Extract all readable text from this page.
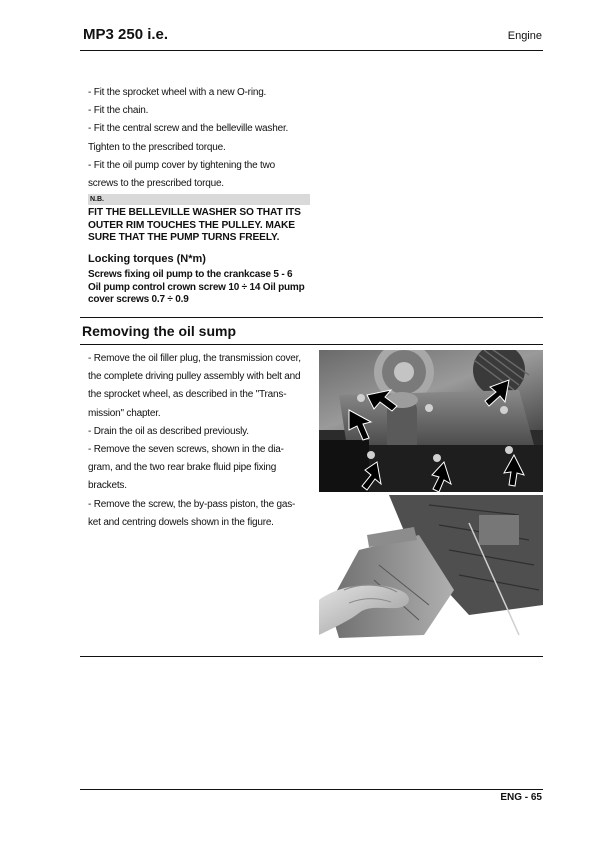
MP3 250 i.e.	Engine
- Fit the sprocket wheel with a new O-ring.
- Fit the chain.
- Fit the central screw and the belleville washer.
Tighten to the prescribed torque.
- Fit the oil pump cover by tightening the two
screws to the prescribed torque.
N.B.
FIT THE BELLEVILLE WASHER SO THAT ITS
OUTER RIM TOUCHES THE PULLEY. MAKE
SURE THAT THE PUMP TURNS FREELY.
Locking torques (N*m)
Screws fixing oil pump to the crankcase 5 - 6
Oil pump control crown screw 10 ÷ 14 Oil pump
cover screws 0.7 ÷ 0.9
Removing the oil sump
- Remove the oil filler plug, the transmission cover,
the complete driving pulley assembly with belt and
the sprocket wheel, as described in the "Trans-
mission" chapter.
- Drain the oil as described previously.
- Remove the seven screws, shown in the dia-
gram, and the two rear brake fluid pipe fixing
brackets.
- Remove the screw, the by-pass piston, the gas-
ket and centring dowels shown in the figure.
ENG - 65
